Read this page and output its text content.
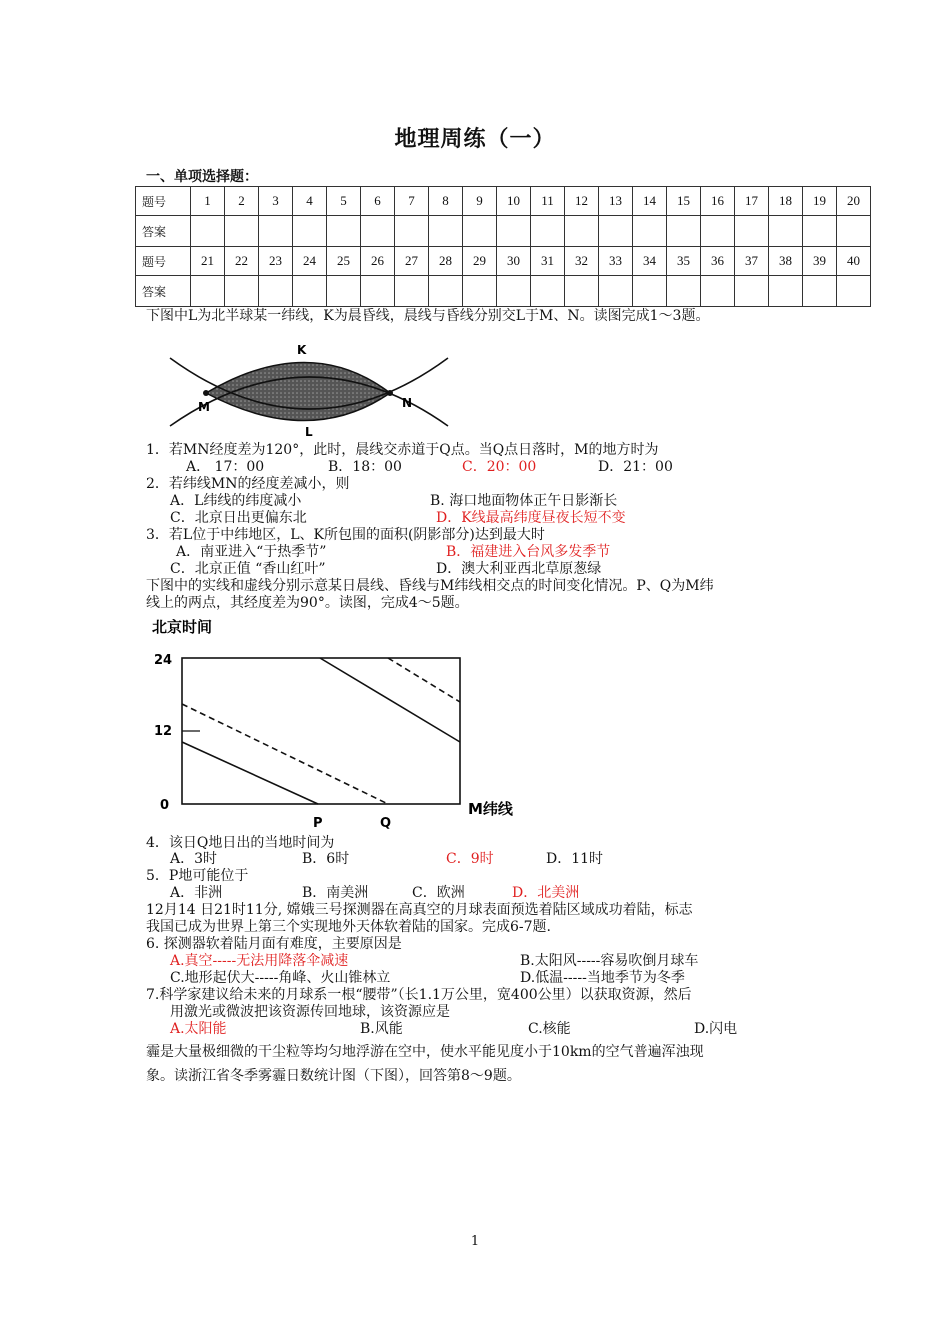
地理周练（一）
一、单项选择题：
题号	1	2	3	4	5	6	7	8	9	10	11	12	13	14	15	16	17	18	19	20
答案																				
题号	21	22	23	24	25	26	27	28	29	30	31	32	33	34	35	36	37	38	39	40
答案																				
下图中L为北半球某一纬线，K为晨昏线，晨线与昏线分别交L于M、N。读图完成1～3题。
K
M	N
L
1．若MN经度差为120°，此时，晨线交赤道于Q点。当Q点日落时，M的地方时为
A． 17：00	B．18：00	C．20：00	D．21：00
2．若纬线MN的经度差减小，则
A．L纬线的纬度减小	B. 海口地面物体正午日影渐长
C．北京日出更偏东北	D．K线最高纬度昼夜长短不变
3．若L位于中纬地区，L、K所包围的面积(阴影部分)达到最大时
A．南亚进入“于热季节”	B．福建进入台风多发季节
C．北京正值 “香山红叶”	D．澳大利亚西北草原葱绿
下图中的实线和虚线分别示意某日晨线、昏线与M纬线相交点的时间变化情况。P、Q为M纬
线上的两点，其经度差为90°。读图，完成4～5题。
北京时间
24
12
0
P	Q
M纬线
4．该日Q地日出的当地时间为
A．3时	B．6时	C．9时	D．11时
5．P地可能位于
A．非洲	B．南美洲	C．欧洲	D．北美洲
12月14 日21时11分, 嫦娥三号探测器在高真空的月球表面预选着陆区域成功着陆，标志
我国已成为世界上第三个实现地外天体软着陆的国家。完成6-7题.
6. 探测器软着陆月面有难度，主要原因是
A.真空-----无法用降落伞减速	B.太阳风-----容易吹倒月球车
C.地形起伏大-----角峰、火山锥林立	D.低温-----当地季节为冬季
7.科学家建议给未来的月球系一根“腰带”（长1.1万公里，宽400公里）以获取资源，然后
用激光或微波把该资源传回地球，该资源应是
A.太阳能	B.风能	C.核能	D.闪电
霾是大量极细微的干尘粒等均匀地浮游在空中，使水平能见度小于10km的空气普遍浑浊现
象。读浙江省冬季雾霾日数统计图（下图），回答第8～9题。
1
